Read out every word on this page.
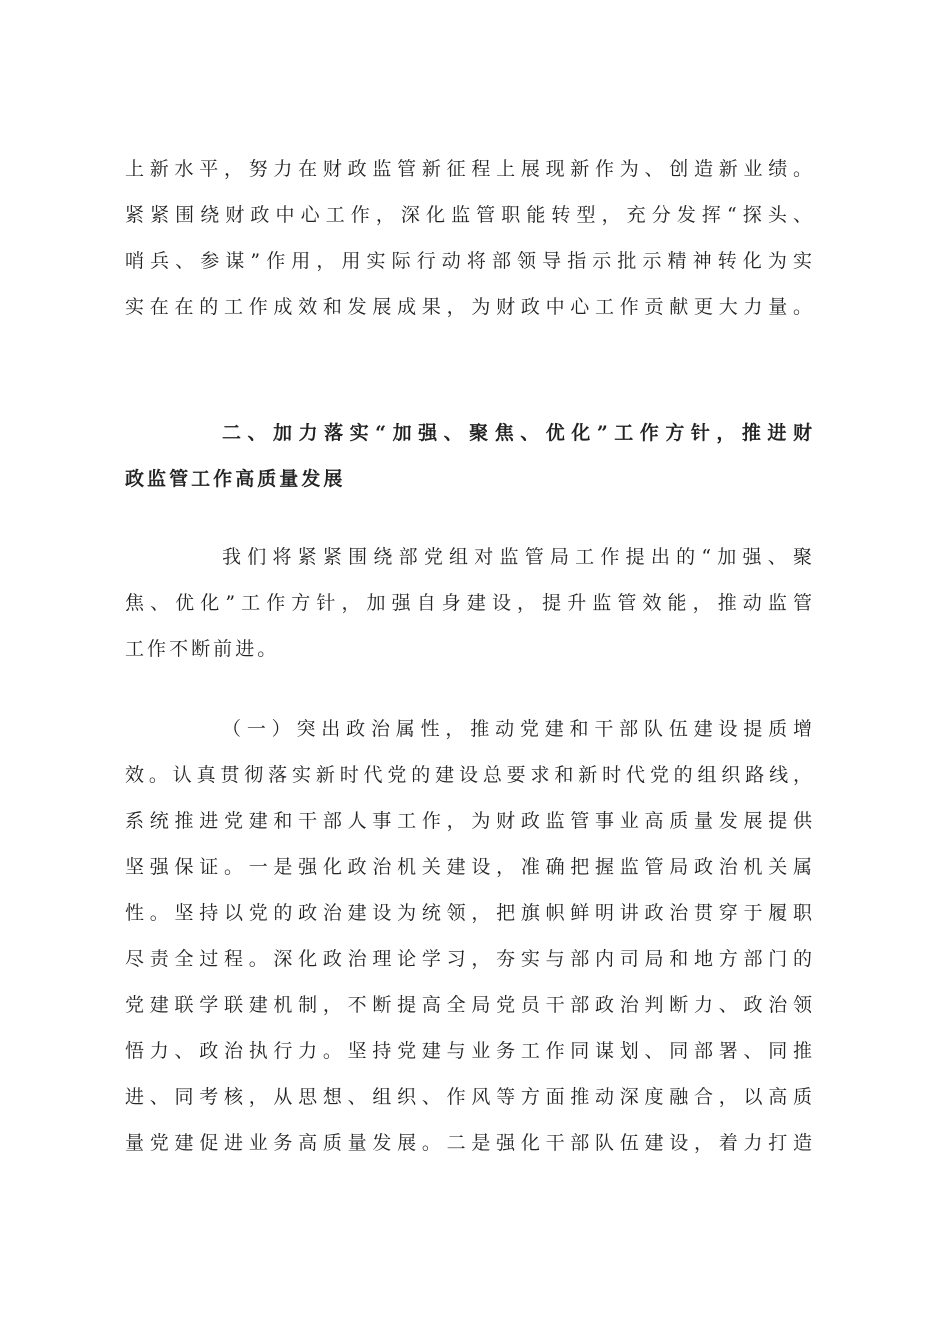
上新水平，努力在财政监管新征程上展现新作为、创造新业绩。
紧紧围绕财政中心工作，深化监管职能转型，充分发挥“探头、
哨兵、参谋”作用，用实际行动将部领导指示批示精神转化为实
实在在的工作成效和发展成果，为财政中心工作贡献更大力量。
二、加力落实“加强、聚焦、优化”工作方针，推进财
政监管工作高质量发展
我们将紧紧围绕部党组对监管局工作提出的“加强、聚
焦、优化”工作方针，加强自身建设，提升监管效能，推动监管
工作不断前进。
（一）突出政治属性，推动党建和干部队伍建设提质增
效。认真贯彻落实新时代党的建设总要求和新时代党的组织路线，
系统推进党建和干部人事工作，为财政监管事业高质量发展提供
坚强保证。一是强化政治机关建设，准确把握监管局政治机关属
性。坚持以党的政治建设为统领，把旗帜鲜明讲政治贯穿于履职
尽责全过程。深化政治理论学习，夯实与部内司局和地方部门的
党建联学联建机制，不断提高全局党员干部政治判断力、政治领
悟力、政治执行力。坚持党建与业务工作同谋划、同部署、同推
进、同考核，从思想、组织、作风等方面推动深度融合，以高质
量党建促进业务高质量发展。二是强化干部队伍建设，着力打造
